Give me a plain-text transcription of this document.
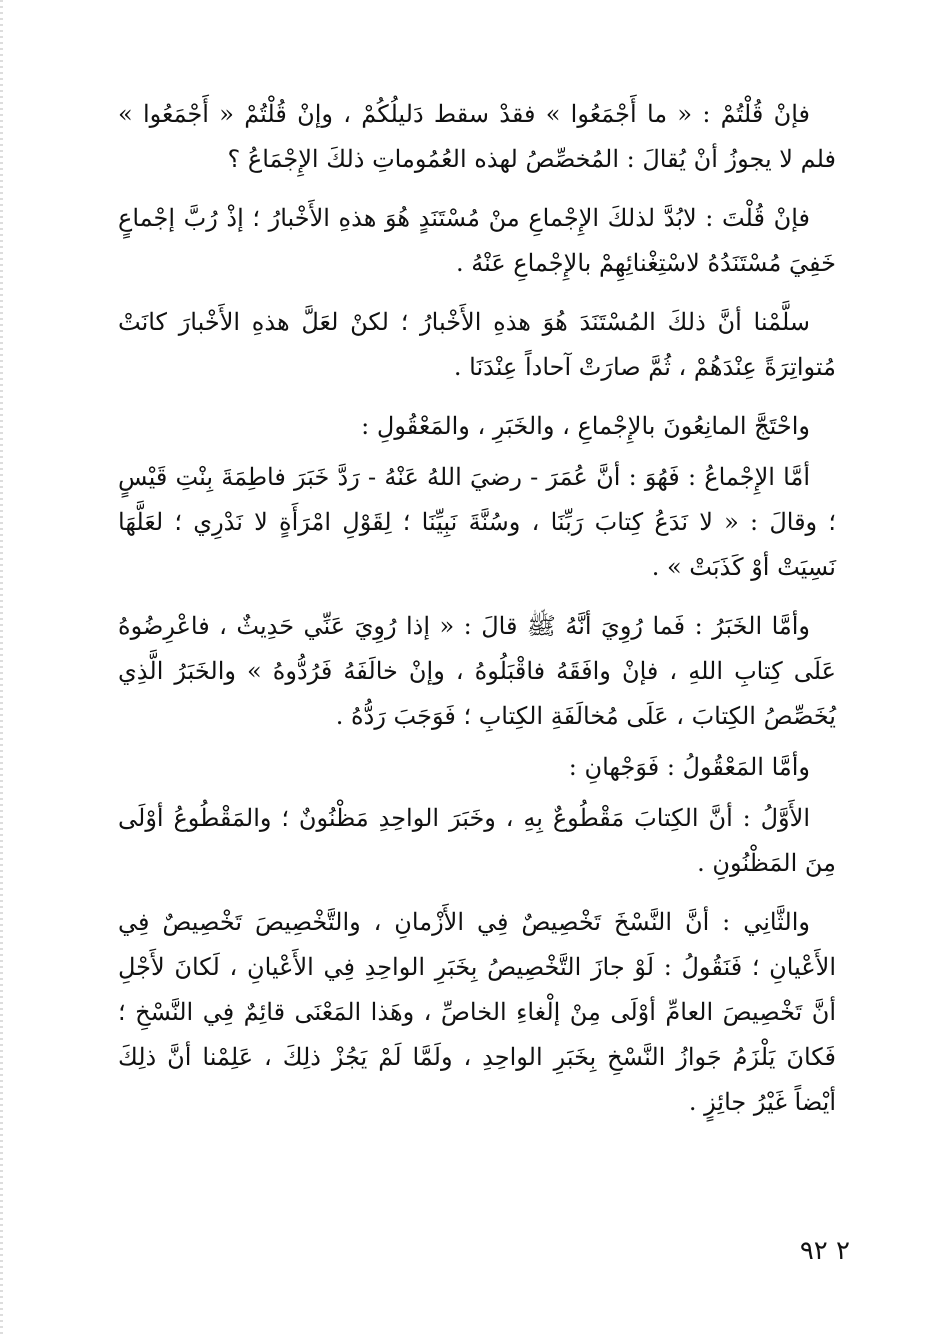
فإنْ قُلْتُمْ : « ما أَجْمَعُوا » فقدْ سقط دَليلُكُمْ ، وإنْ قُلْتُمْ « أَجْمَعُوا » فلم لا يجوزُ أنْ يُقالَ : المُخصِّصُ لهذه العُمُوماتِ ذلكَ الإِجْمَاعُ ؟

فإنْ قُلْتَ : لابُدَّ لذلكَ الإِجْماعِ منْ مُسْتَنَدٍ هُوَ هذهِ الأَخْبارُ ؛ إذْ رُبَّ إجْماعٍ خَفِيَ مُسْتَنَدُهُ لاسْتِغْنائِهِمْ بالإِجْماعِ عَنْهُ .

سلَّمْنا أنَّ ذلكَ المُسْتَنَدَ هُوَ هذهِ الأَخْبارُ ؛ لكنْ لعَلَّ هذهِ الأَخْبارَ كانَتْ مُتواتِرَةً عِنْدَهُمْ ، ثُمَّ صارَتْ آحاداً عِنْدَنَا .

واحْتَجَّ المانِعُونَ بالإِجْماعِ ، والخَبَرِ ، والمَعْقُولِ :

أمَّا الإِجْماعُ : فَهُوَ : أنَّ عُمَرَ - رضيَ اللهُ عَنْهُ - رَدَّ خَبَرَ فاطِمَةَ بِنْتِ قَيْسٍ ؛ وقالَ : « لا نَدَعُ كِتابَ رَبِّنَا ، وسُنَّةَ نَبِيِّنَا ؛ لِقَوْلِ امْرَأَةٍ لا نَدْرِي ؛ لعَلَّهَا نَسِيَتْ أوْ كَذَبَتْ » .

وأمَّا الخَبَرُ : فَما رُوِيَ أنَّهُ ﷺ قالَ : « إذا رُوِيَ عَنِّي حَدِيثٌ ، فاعْرِضُوهُ عَلَى كِتابِ اللهِ ، فإنْ وافَقَهُ فاقْبَلُوهُ ، وإنْ خالَفَهُ فَرُدُّوهُ » والخَبَرُ الَّذِي يُخَصِّصُ الكِتابَ ، عَلَى مُخالَفَةِ الكِتابِ ؛ فَوَجَبَ رَدُّهُ .

وأمَّا المَعْقُولُ : فَوَجْهانِ :

الأَوَّلُ : أنَّ الكِتابَ مَقْطُوعٌ بِهِ ، وخَبَرَ الواحِدِ مَظْنُونٌ ؛ والمَقْطُوعُ أوْلَى مِنَ المَظْنُونِ .

والثَّانِي : أنَّ النَّسْخَ تَخْصِيصٌ فِي الأَزْمانِ ، والتَّخْصِيصَ تَخْصِيصٌ فِي الأَعْيانِ ؛ فَنَقُولُ : لَوْ جازَ التَّخْصِيصُ بِخَبَرِ الواحِدِ فِي الأَعْيانِ ، لَكانَ لأَجْلِ أنَّ تَخْصِيصَ العامِّ أوْلَى مِنْ إلْغاءِ الخاصِّ ، وهَذا المَعْنَى قائِمٌ فِي النَّسْخِ ؛ فَكانَ يَلْزَمُ جَوازُ النَّسْخِ بِخَبَرِ الواحِدِ ، ولَمَّا لَمْ يَجُزْ ذلِكَ ، عَلِمْنا أنَّ ذلِكَ أيْضاً غَيْرُ جائِزٍ .

٢ ٩٢
